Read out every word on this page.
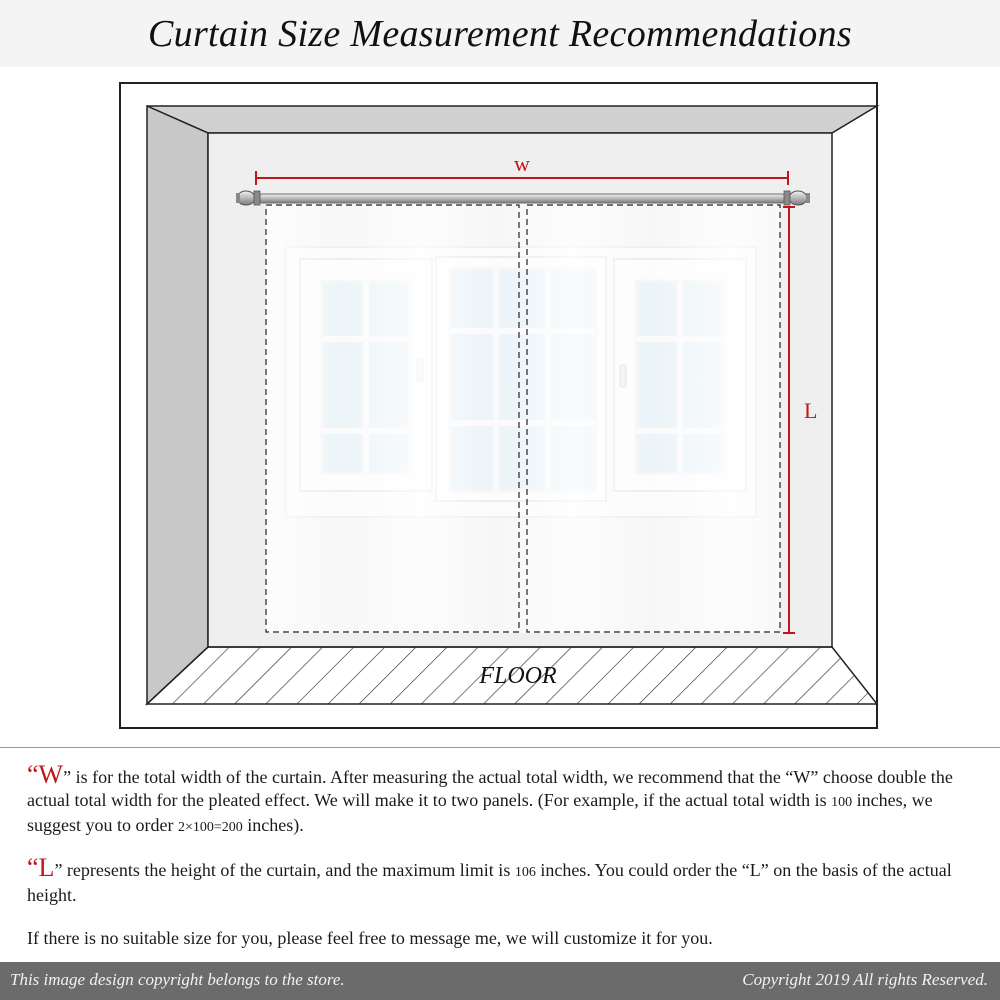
Curtain Size Measurement Recommendations
w
L
FLOOR

“W” is for the total width of the curtain. After measuring the actual total width, we recommend that the “W” choose double the actual total width for the pleated effect. We will make it to two panels. (For example, if the actual total width is 100 inches, we suggest you to order 2×100=200 inches).

“L” represents the height of the curtain, and the maximum limit is 106 inches. You could order the “L” on the basis of the actual height.

If there is no suitable size for you, please feel free to message me, we will customize it for you.

This image design copyright belongs to the store.	Copyright 2019 All rights Reserved.
